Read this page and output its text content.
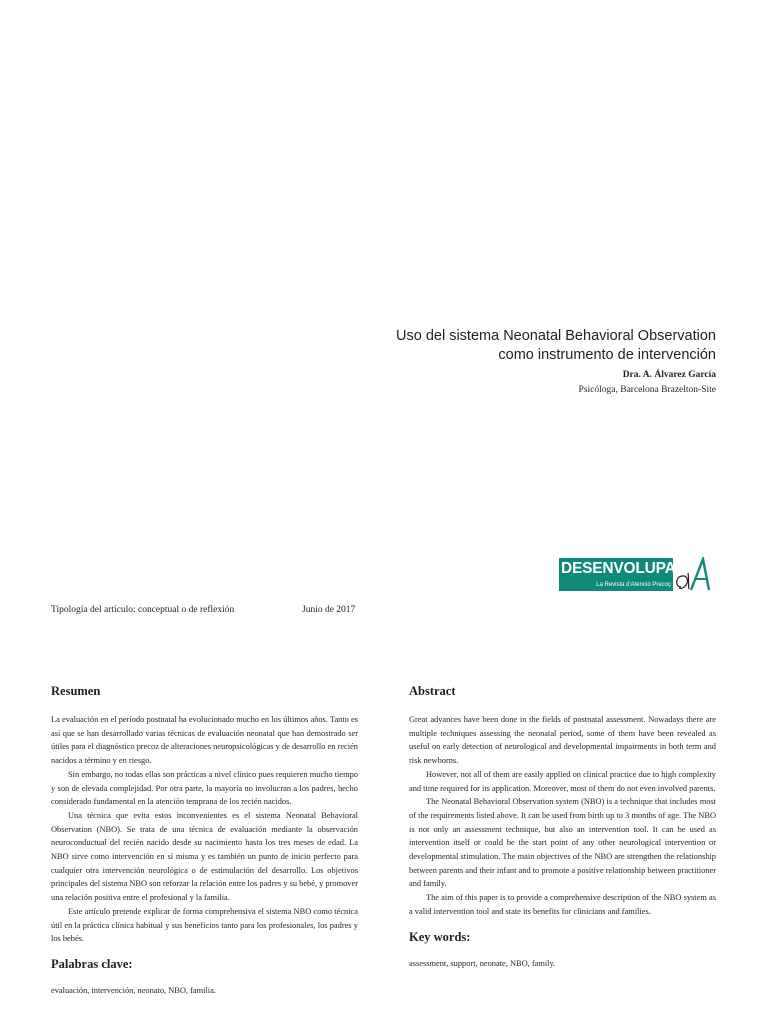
Uso del sistema Neonatal Behavioral Observation
como instrumento de intervención
Dra. A. Álvarez García
Psicóloga, Barcelona Brazelton-Site
DESENVOLUPA
La Revista d'Atenció Precoç
Tipología del artículo: conceptual o de reflexión	Junio de 2017
Resumen

La evaluación en el período postnatal ha evolucionado mucho en los últimos años. Tanto es así que se han desarrollado varias técnicas de evaluación neonatal que han demostrado ser útiles para el diagnóstico precoz de alteraciones neuropsicológicas y de desarrollo en recién nacidos a término y en riesgo.

Sin embargo, no todas ellas son prácticas a nivel clínico pues requieren mucho tiempo y son de elevada complejidad. Por otra parte, la mayoría no involucran a los padres, hecho considerado fundamental en la atención temprana de los recién nacidos.

Una técnica que evita estos inconvenientes es el sistema Neonatal Behavioral Observation (NBO). Se trata de una técnica de evaluación mediante la observación neuroconductual del recién nacido desde su nacimiento hasta los tres meses de edad. La NBO sirve como intervención en sí misma y es también un punto de inicio perfecto para cualquier otra intervención neurológica o de estimulación del desarrollo. Los objetivos principales del sistema NBO son reforzar la relación entre los padres y su bebé, y promover una relación positiva entre el profesional y la familia.

Este artículo pretende explicar de forma comprehensiva el sistema NBO como técnica útil en la práctica clínica habitual y sus beneficios tanto para los profesionales, los padres y los bebés.

Palabras clave:
evaluación, intervención, neonato, NBO, familia.
Abstract

Great advances have been done in the fields of postnatal assessment. Nowadays there are multiple techniques assessing the neonatal period, some of them have been revealed as useful on early detection of neurological and developmental impairments in both term and risk newborns.

However, not all of them are easily applied on clinical practice due to high complexity and time required for its application. Moreover, most of them do not even involved parents.

The Neonatal Behavioral Observation system (NBO) is a technique that includes most of the requirements listed above. It can be used from birth up to 3 months of age. The NBO is not only an assessment technique, but also an intervention tool. It can be used as intervention itself or could be the start point of any other neurological intervention or developmental stimulation. The main objectives of the NBO are strengthen the relationship between parents and their infant and to promote a positive relationship between practitioner and family.

The aim of this paper is to provide a comprehensive description of the NBO system as a valid intervention tool and state its benefits for clinicians and families.

Key words:
assessment, support, neonate, NBO, family.
